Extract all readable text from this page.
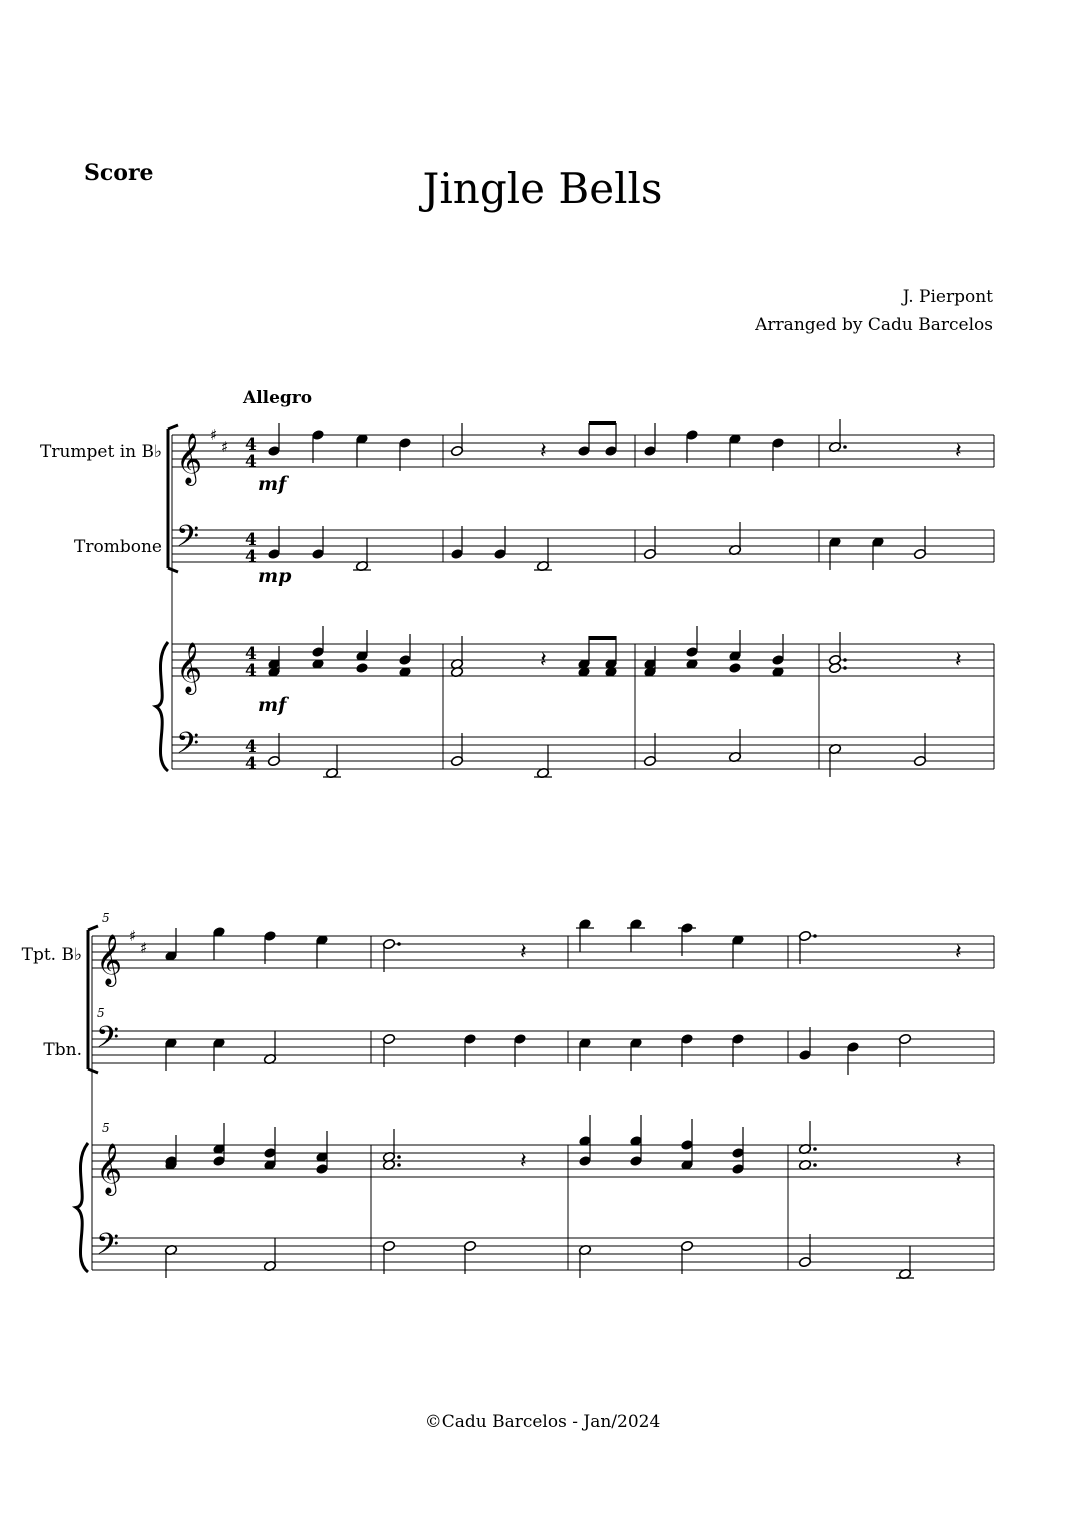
Score	Jingle Bells
J. Pierpont
Arranged by Cadu Barcelos
𝄞
𝄢
𝄞
𝄢
♯
♯ 4
4
4
4
4
4
4
4
𝄽	𝄽
𝄽	𝄽
𝄞
𝄢
𝄞
𝄢
♯
♯	𝄽	𝄽
𝄽	𝄽
Allegro
Trumpet in B♭
Trombone
mf
mp
mf
Tpt. B♭
Tbn.
5
5
5
©Cadu Barcelos - Jan/2024
